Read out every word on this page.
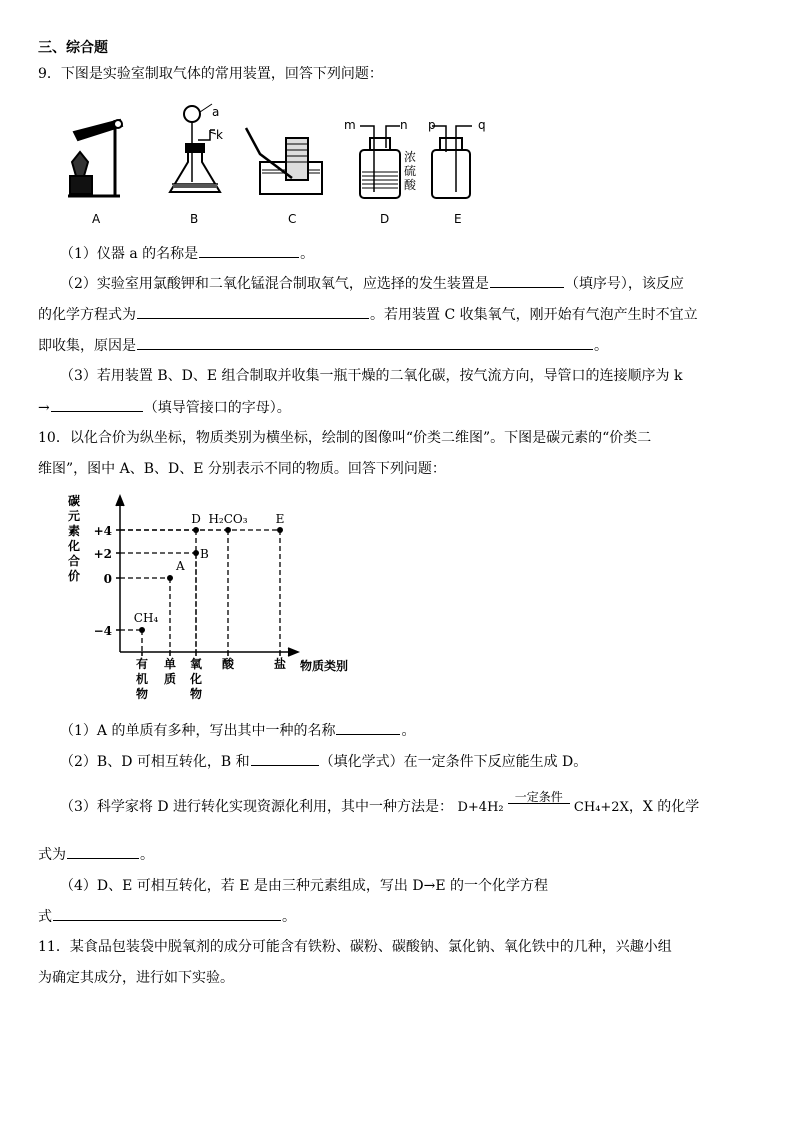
三、综合题
9．下图是实验室制取气体的常用装置，回答下列问题：
a
k
m	n p	q
浓
硫
酸
A	B	C	D	E
（1）仪器 a 的名称是	。
（2）实验室用氯酸钾和二氧化锰混合制取氧气，应选择的发生装置是	（填序号），该反应
的化学方程式为	。若用装置 C 收集氧气，刚开始有气泡产生时不宜立
即收集，原因是	。
（3）若用装置 B、D、E 组合制取并收集一瓶干燥的二氧化碳，按气流方向，导管口的连接顺序为 k
→	（填导管接口的字母）。
10．以化合价为纵坐标，物质类别为横坐标，绘制的图像叫“价类二维图”。下图是碳元素的“价类二
维图”，图中 A、B、D、E 分别表示不同的物质。回答下列问题：
+4
+2
0
−4
有
机
物
单
质
氧
化
物
酸	盐
CH₄
A
B
D H₂CO₃ E
碳
元
素
化
合
价
物质类别
（1）A 的单质有多种，写出其中一种的名称	。
（2）B、D 可相互转化，B 和	（填化学式）在一定条件下反应能生成 D。
（3）科学家将 D 进行转化实现资源化利用，其中一种方法是： D+4H₂
一定条件
CH₄+2X，X 的化学
式为	。
（4）D、E 可相互转化，若 E 是由三种元素组成，写出 D→E 的一个化学方程
式	。
11．某食品包装袋中脱氧剂的成分可能含有铁粉、碳粉、碳酸钠、氯化钠、氧化铁中的几种，兴趣小组
为确定其成分，进行如下实验。
